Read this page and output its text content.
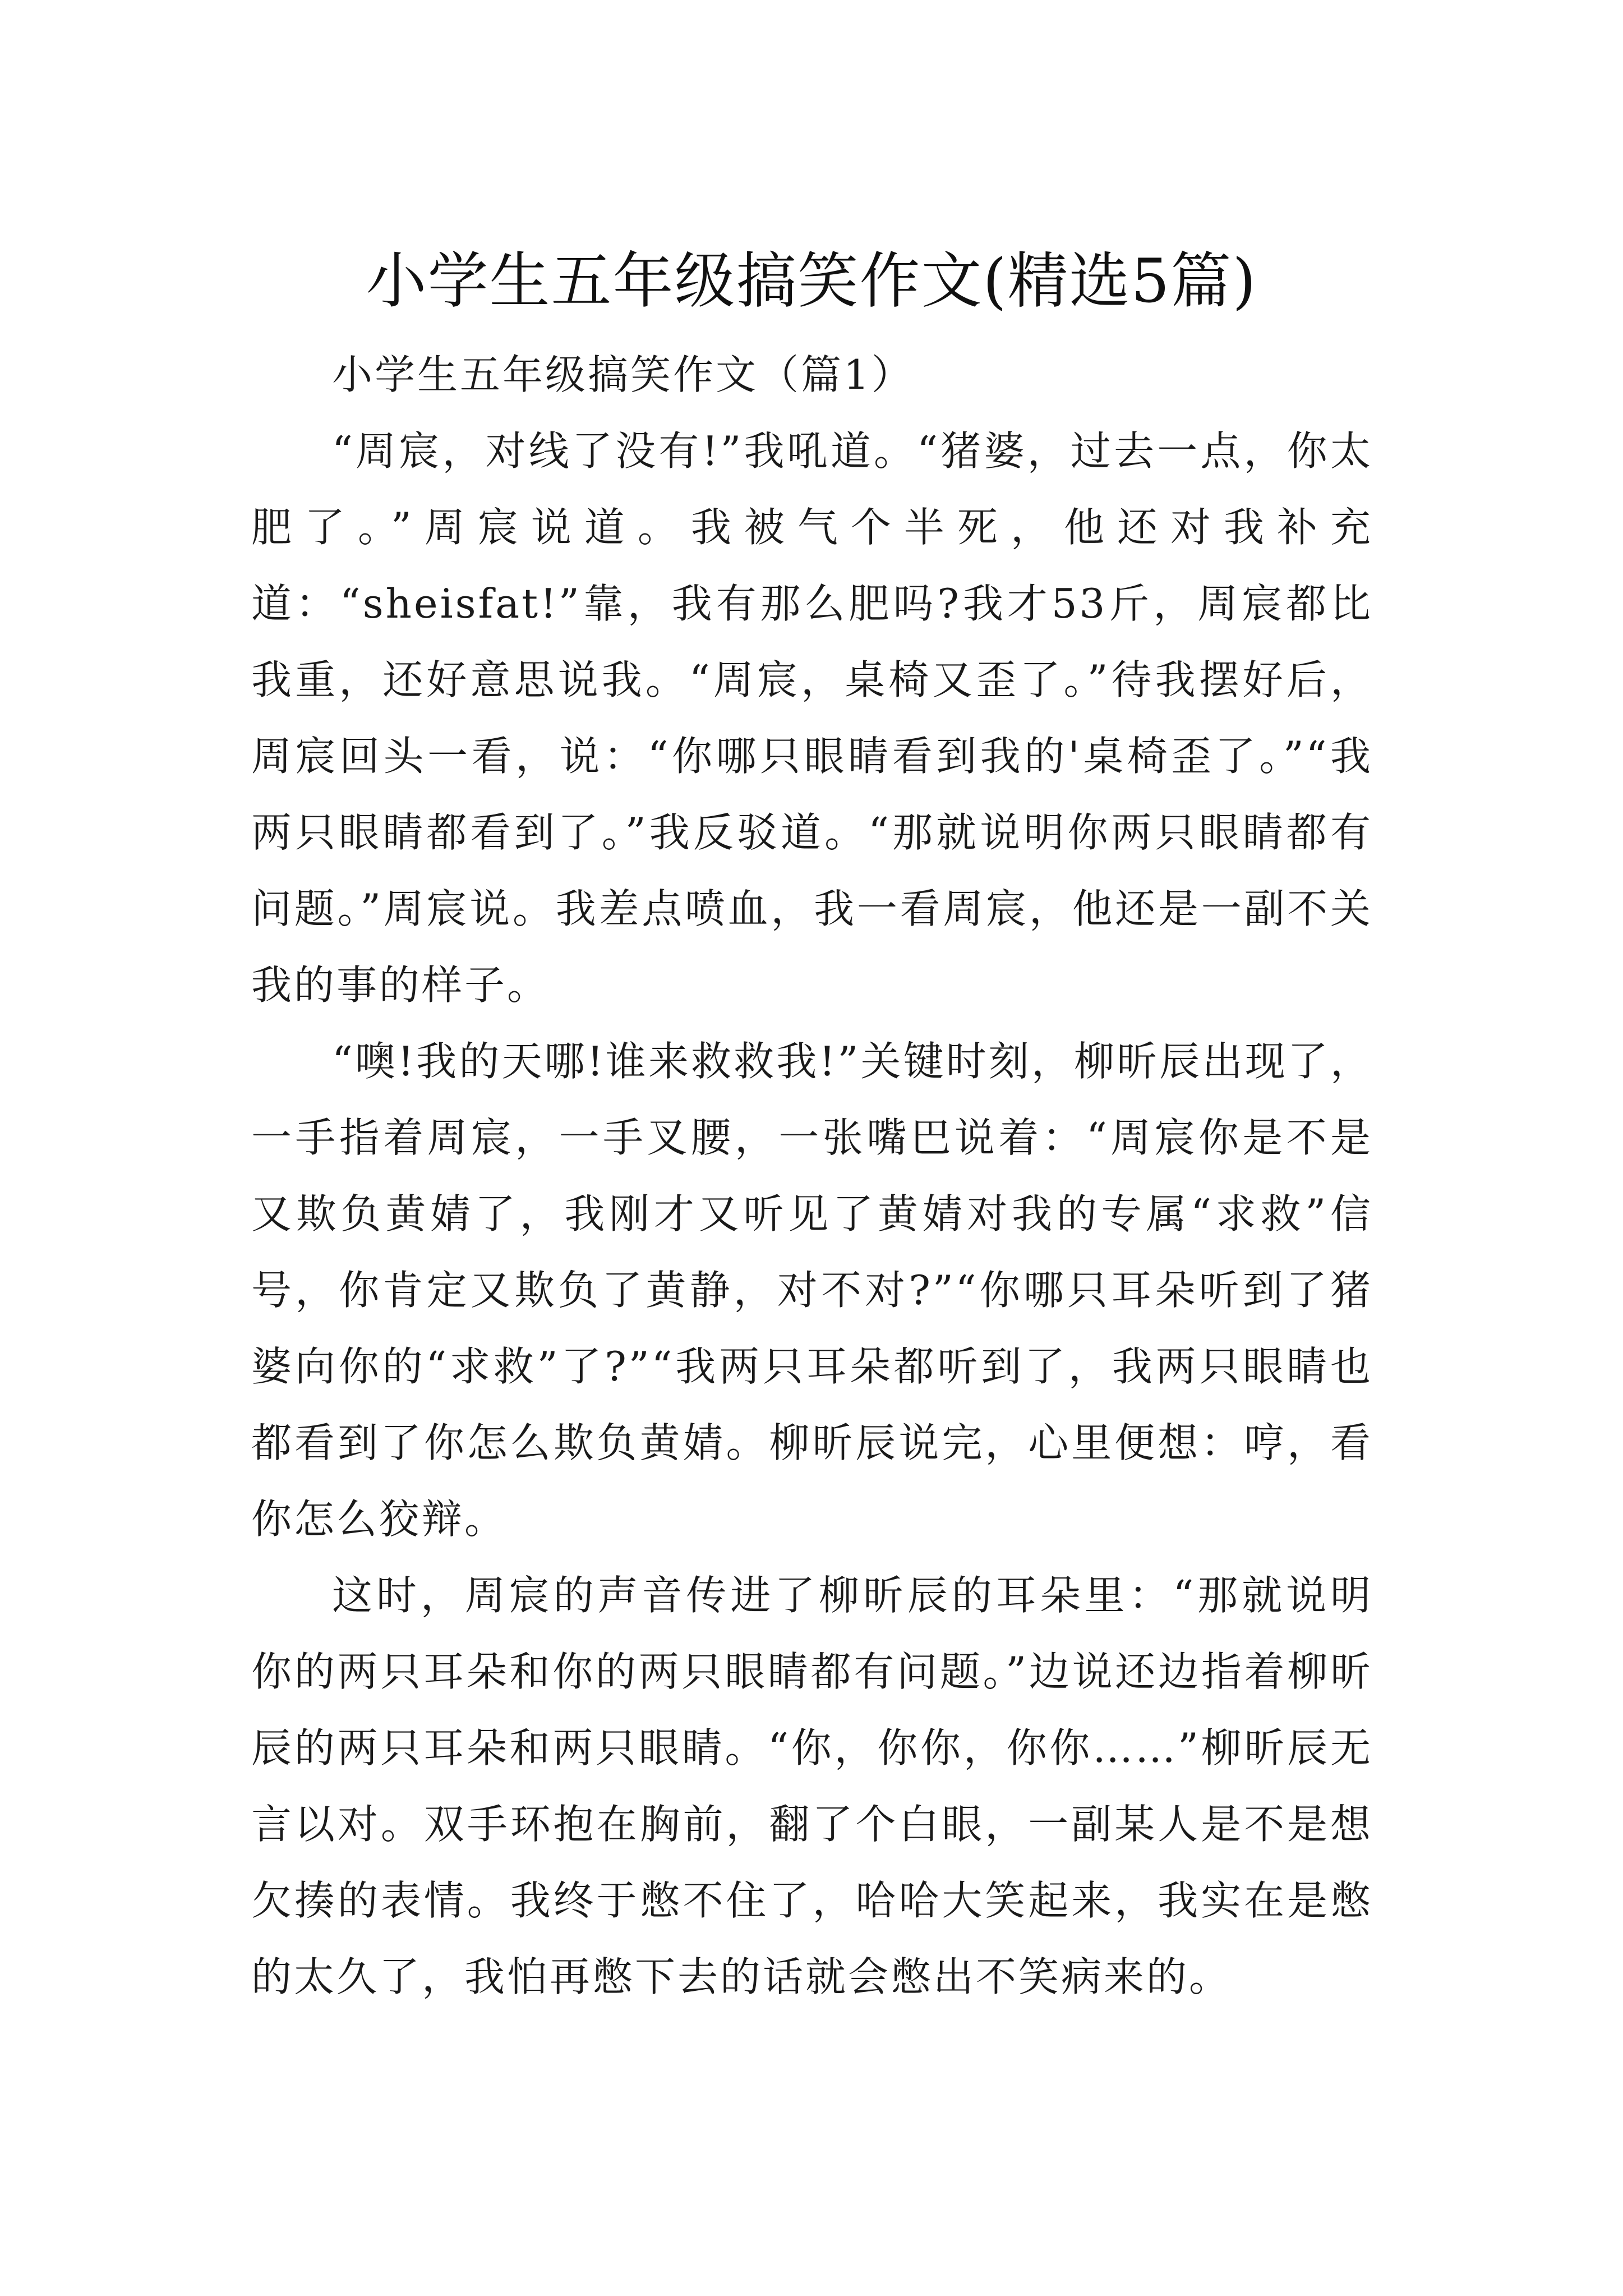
小学生五年级搞笑作文(精选5篇)

小学生五年级搞笑作文（篇1）

“周宸，对线了没有!”我吼道。“猪婆，过去一点，你太肥了。”周宸说道。我被气个半死，他还对我补充道：“sheisfat!”靠，我有那么肥吗?我才53斤，周宸都比我重，还好意思说我。“周宸，桌椅又歪了。”待我摆好后，周宸回头一看，说：“你哪只眼睛看到我的'桌椅歪了。”“我两只眼睛都看到了。”我反驳道。“那就说明你两只眼睛都有问题。”周宸说。我差点喷血，我一看周宸，他还是一副不关我的事的样子。

“噢!我的天哪!谁来救救我!”关键时刻，柳昕辰出现了，一手指着周宸，一手叉腰，一张嘴巴说着：“周宸你是不是又欺负黄婧了，我刚才又听见了黄婧对我的专属“求救”信号，你肯定又欺负了黄静，对不对?”“你哪只耳朵听到了猪婆向你的“求救”了?”“我两只耳朵都听到了，我两只眼睛也都看到了你怎么欺负黄婧。柳昕辰说完，心里便想：哼，看你怎么狡辩。

这时，周宸的声音传进了柳昕辰的耳朵里：“那就说明你的两只耳朵和你的两只眼睛都有问题。”边说还边指着柳昕辰的两只耳朵和两只眼睛。“你，你你，你你……”柳昕辰无言以对。双手环抱在胸前，翻了个白眼，一副某人是不是想欠揍的表情。我终于憋不住了，哈哈大笑起来，我实在是憋的太久了，我怕再憋下去的话就会憋出不笑病来的。
